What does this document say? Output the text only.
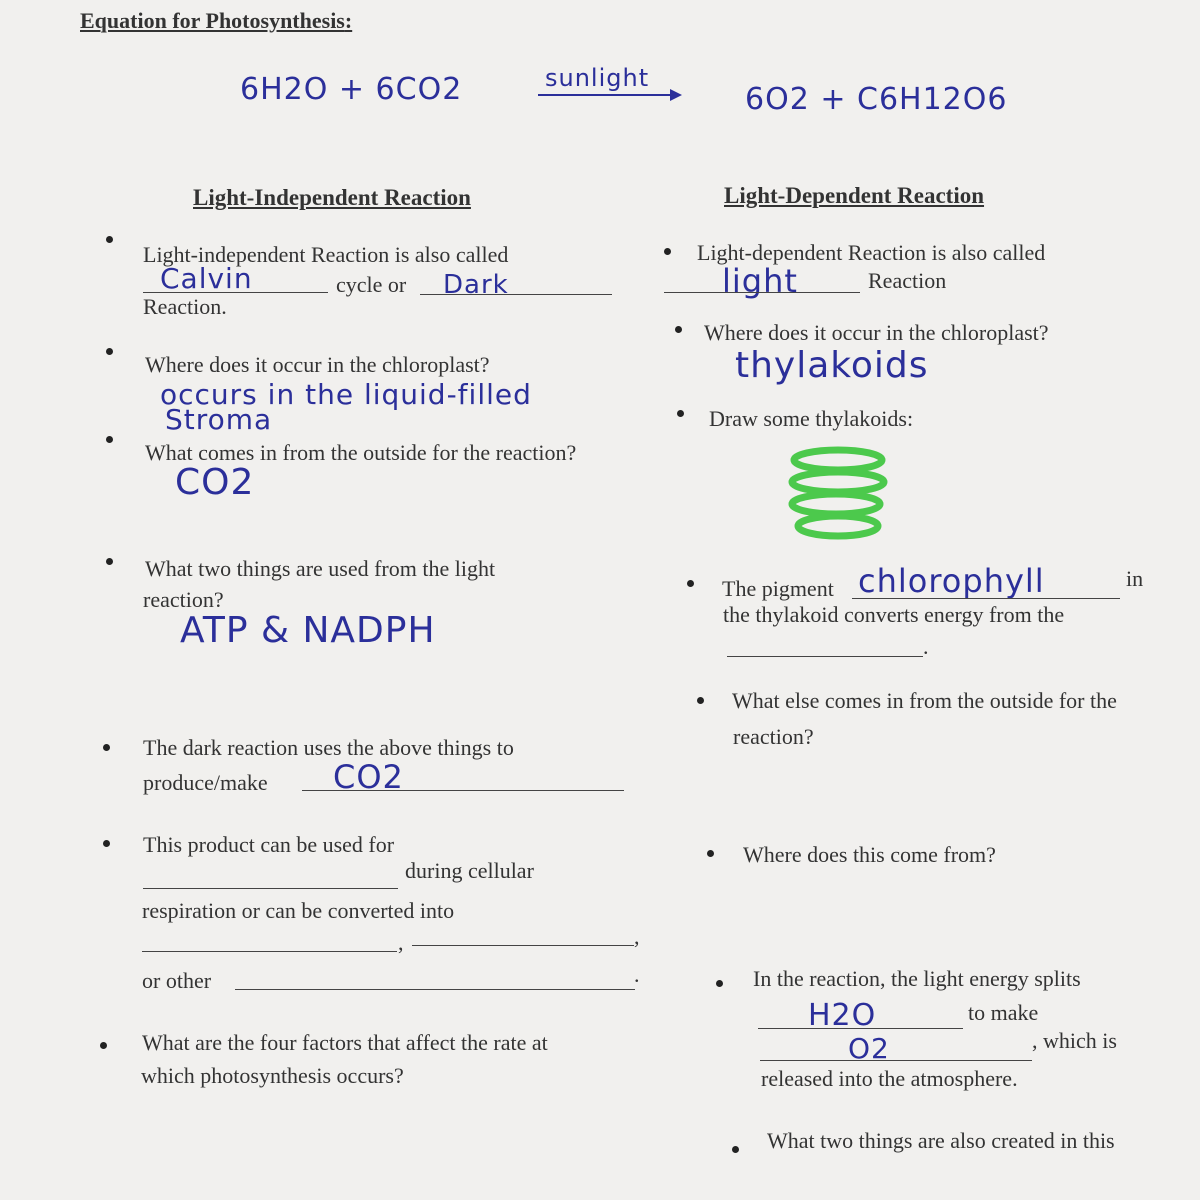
Equation for Photosynthesis:
6H2O + 6CO2	sunlight
6O2 + C6H12O6
Light-Independent Reaction	Light-Dependent Reaction
Light-independent Reaction is also called
Calvin	cycle or Dark
Reaction.
Where does it occur in the chloroplast?
occurs in the liquid-filled
Stroma
What comes in from the outside for the reaction?
CO2
What two things are used from the light
reaction?
ATP & NADPH
The dark reaction uses the above things to
produce/make CO2
This product can be used for
during cellular
respiration or can be converted into
,	,
or other	.
What are the four factors that affect the rate at
which photosynthesis occurs?
Light-dependent Reaction is also called
light	Reaction
Where does it occur in the chloroplast?
thylakoids
Draw some thylakoids:
The pigment chlorophyll	in
the thylakoid converts energy from the
.
What else comes in from the outside for the
reaction?
Where does this come from?
In the reaction, the light energy splits
H2O	to make
O2	, which is
released into the atmosphere.
What two things are also created in this
